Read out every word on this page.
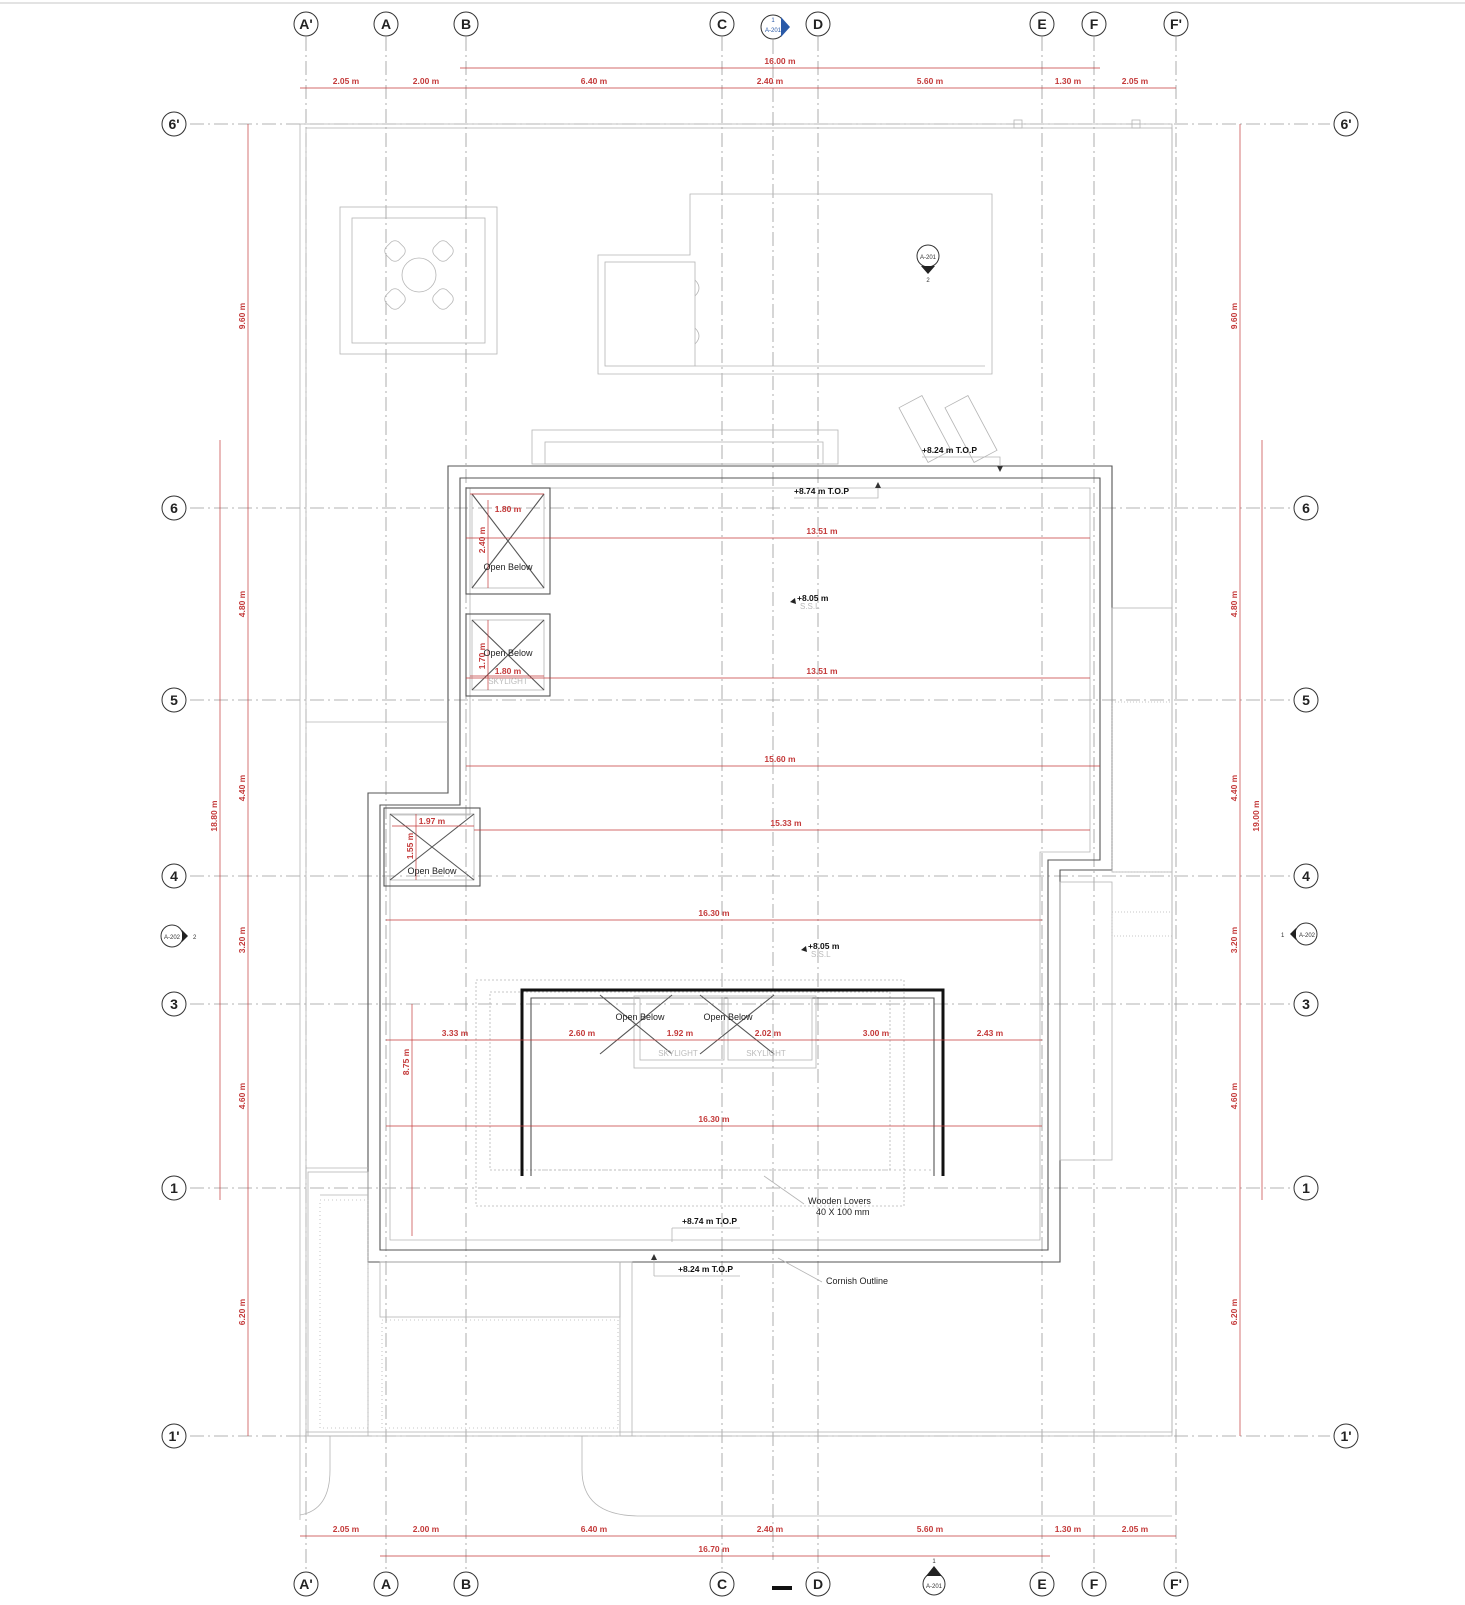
A'	A	B	C	D	E	F	F'
A'	A	B	C	D	E	F	F'
6'
6
5
4
3
1
1'
6'
6
5
4
3
1
1'
16.00 m
2.05 m	2.00 m	6.40 m	2.40 m	5.60 m	1.30 m	2.05 m
2.05 m	2.00 m	6.40 m	2.40 m	5.60 m	1.30 m	2.05 m
16.70 m
9.60 m
4.80 m
4.40 m
3.20 m
4.60 m
6.20 m
18.80 m
9.60 m
4.80 m
4.40 m
3.20 m
4.60 m
6.20 m
19.00 m
1.80 m
2.40 m
1.80 m
1.70 m
1.97 m
1.55 m
13.51 m
13.51 m
15.60 m
15.33 m
16.30 m
16.30 m
8.75 m
3.33 m	2.60 m	1.92 m	2.02 m	3.00 m	2.43 m
Open Below
Open Below
SKYLIGHT
Open Below
Open Below	Open Below
SKYLIGHT	SKYLIGHT
+8.74 m T.O.P
+8.24 m T.O.P
+8.74 m T.O.P
+8.24 m T.O.P
+8.05 m
S.S.L
+8.05 m
S.S.L
Wooden Lovers
40 X 100 mm
Cornish Outline
1
A-201
A-201
2
A-202 2	A-202
1
A-201
1
